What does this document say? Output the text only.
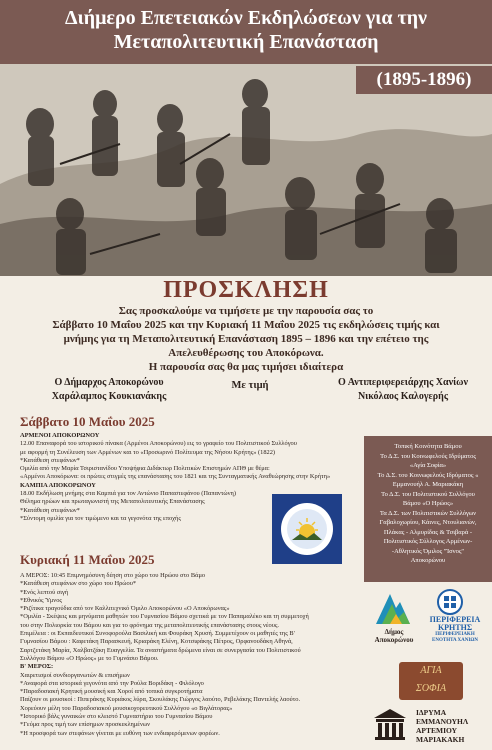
Διήμερο Επετειακών Εκδηλώσεων για την
Μεταπολιτευτική Επανάσταση
(1895-1896)
ΠΡΟΣΚΛΗΣΗ
Σας προσκαλούμε να τιμήσετε με την παρουσία σας το
Σάββατο 10 Μαΐου 2025 και την Κυριακή 11 Μαΐου 2025 τις εκδηλώσεις τιμής και
μνήμης για τη Μεταπολιτευτική Επανάσταση 1895 – 1896 και την επέτειο της
Απελευθέρωσης του Αποκόρωνα.
Η παρουσία σας θα μας τιμήσει ιδιαίτερα
Ο Δήμαρχος Αποκορώνου
Χαράλαμπος Κουκιανάκης
Με τιμή	Ο Αντιπεριφερειάρχης Χανίων
Νικόλαος Καλογερής
Σάββατο 10 Μαΐου 2025

ΑΡΜΕΝΟΙ ΑΠΟΚΟΡΩΝΟΥ

12.00 Επαναφορά του ιστορικού πίνακα (Αρμένοι Αποκορώνου) εις το γραφείο του Πολιτιστικού Συλλόγου

με αφορμή τη Συνέλευση των Αρμένων και το «Προσωρινό Πολίτευμα της Νήσου Κρήτης» (1822)

*Κατάθεση στεφάνων*

Ομιλία από την Μαρία Τσιριστανίδου Υποψήφια Διδάκτωρ Πολιτικών Επιστημών ΑΠΘ με θέμα:

«Αρμένοι Αποκόρωνα: οι πρώτες στιγμές της επανάστασης του 1821 και της Συνταγματικής Αναθεώρησης στην Κρήτη»

ΚΑΜΠΙΑ ΑΠΟΚΟΡΩΝΟΥ

18.00 Εκδήλωση μνήμης στα Καμπιά για τον Αντώνιο Παπαστεφάνου (Παπαντώνη)

Θέλημα ηρώων και πρωταγωνιστή της Μεταπολιτευτικής Επανάστασης

*Κατάθεση στεφάνων*

*Σύντομη ομιλία για τον τιμώμενο και τα γεγονότα της εποχής

Κυριακή 11 Μαΐου 2025

Α ΜΕΡΟΣ: 10:45 Επιμνημόσυνη δέηση στο χώρο του Ηρώου στο Βάμο

*Κατάθεση στεφάνων στο χώρο του Ηρώου*

*Ενός λεπτού σιγή

*Εθνικός Ύμνος

*Ριζίτικα τραγούδια από τον Καλλιτεχνικό Όμιλο Αποκορώνου «Ο Αποκόρωνας»

*Ομιλία - Σκέψεις και μηνύματα μαθητών του Γυμνασίου Βάμου σχετικά με τον Παπαμαλέκο και τη συμμετοχή

του στην Πολιορκία του Βάμου και για το φρόνημα της μεταπολιτευτικής επανάστασης στους νέους.

Επιμέλεια : οι Εκπαιδευτικοί Συνοφορούλα Βασιλική και Φουράκη Χρυσή. Συμμετέχουν οι μαθητές της Β'

Γυμνασίου Βάμου : Καφετάκη Παρασκευή, Κριαράκη Ελένη, Κοτσιφάκης Πέτρος, Ορφανουδάκη Αθηνά,

Σαρτζετάκη Μαρία, Χαλβατζάκη Ευαγγελία. Τα αναστήματα δρώμενα είναι σε συνεργασία του Πολιτιστικού

Συλλόγου Βάμου «Ο Ηρώος» με το Γυμνάσιο Βάμου.

Β' ΜΕΡΟΣ:

Χαιρετισμοί συνδιοργανωτών & επισήμων

*Αναφορά στα ιστορικά γεγονότα από την Ρούλα Βοριδάκη - Φιλόλογο

*Παραδοσιακή Κρητική μουσική και Χοροί από τοπικά συγκροτήματα

Παίζουν οι μουσικοί : Πιπεράκης Κυριάκος λύρα, Σκουλάκης Γιώργος λαούτο, Ρεβελάκης Παντελής λαούτο.

Χορεύουν μέλη του Παραδοσιακού μουσικοχορευτικού Συλλόγου «ο Βιγλάτορας»

*Ιστορικό βάλς γυναικών στο κλειστό Γυμναστήριο του Γυμνασίου Βάμου

*Γεύμα προς τιμή των επίσημων προσκεκλημένων

*Η προσφορά των στεφάνων γίνεται με ευθύνη των ενδιαφερόμενων φορέων.

Τοπική Κοινότητα Βάμου

Το Δ.Σ. του Κοινωφελούς Ιδρύματος

«Αγία Σοφία»

Το Δ.Σ. του Κοινωφελούς Ιδρύματος «

Εμμανουήλ Α. Μαριακάκη

Το Δ.Σ. του Πολιτιστικού Συλλόγου

Βάμου «Ο Ηρώος»

Τα Δ.Σ. των Πολιτιστικών Συλλόγων

Γαβαλοχωρίου, Κάινες, Ντουλιανών,

Πλάκας - Αλμυρίδας & Τσιβαρά -

Πολιτιστικός Σύλλογος Αρμένων-

-Αθλητικός Όμιλος "Ίσνος"

Αποκορώνου

Δήμος
Αποκορώνου
ΠΕΡΙΦΕΡΕΙΑ
ΚΡΗΤΗΣ
ΠΕΡΙΦΕΡΕΙΑΚΗ
ΕΝΟΤΗΤΑ ΧΑΝΙΩΝ
ΑΓΙΑ
ΣΟΦΙΑ
ΙΔΡΥΜΑ
ΕΜΜΑΝΟΥΗΛ
ΑΡΤΕΜΙΟΥ
ΜΑΡΙΑΚΑΚΗ
